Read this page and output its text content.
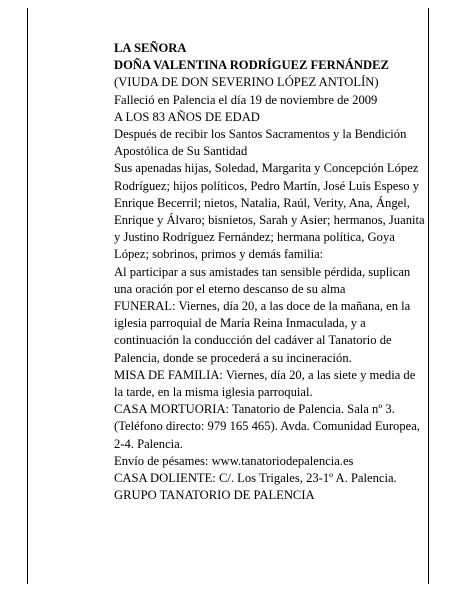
LA SEÑORA

DOÑA VALENTINA RODRÍGUEZ FERNÁNDEZ

(VIUDA DE DON SEVERINO LÓPEZ ANTOLÍN)

Falleció en Palencia el día 19 de noviembre de 2009

A LOS 83 AÑOS DE EDAD

Después de recibir los Santos Sacramentos y la Bendición Apostólica de Su Santidad

Sus apenadas hijas, Soledad, Margarita y Concepción López Rodríguez; hijos políticos, Pedro Martín, José Luis Espeso y Enrique Becerril; nietos, Natalia, Raúl, Verity, Ana, Ángel, Enrique y Álvaro; bisnietos, Sarah y Asier; hermanos, Juanita y Justino Rodríguez Fernández; hermana política, Goya López; sobrinos, primos y demás familia:

Al participar a sus amistades tan sensible pérdida, suplican una oración por el eterno descanso de su alma

FUNERAL: Viernes, día 20, a las doce de la mañana, en la iglesia parroquial de María Reina Inmaculada, y a continuación la conducción del cadáver al Tanatorio de Palencia, donde se procederá a su incineración.

MISA DE FAMILIA: Viernes, día 20, a las siete y media de la tarde, en la misma iglesia parroquial.

CASA MORTUORIA: Tanatorio de Palencia. Sala nº 3. (Teléfono directo: 979 165 465). Avda. Comunidad Europea, 2-4. Palencia.

Envío de pésames: www.tanatoriodepalencia.es

CASA DOLIENTE: C/. Los Trigales, 23-1º A. Palencia.

GRUPO TANATORIO DE PALENCIA
